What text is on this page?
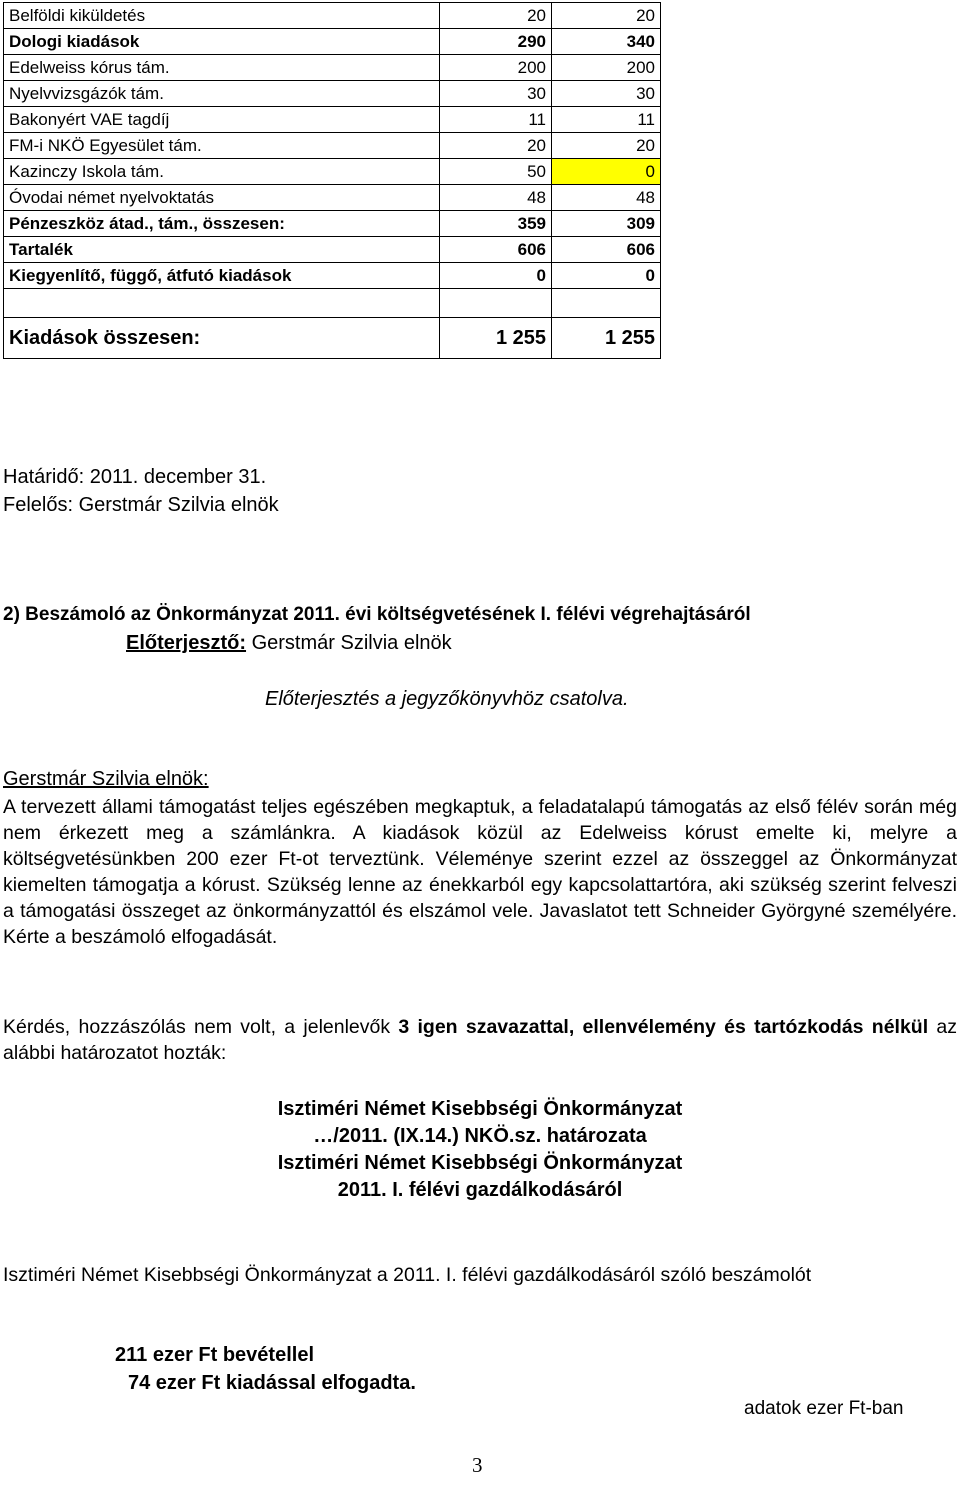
Belföldi kiküldetés	20	20
Dologi kiadások	290	340
Edelweiss kórus tám.	200	200
Nyelvvizsgázók tám.	30	30
Bakonyért VAE tagdíj	11	11
FM-i NKÖ Egyesület tám.	20	20
Kazinczy Iskola tám.	50	0
Óvodai német nyelvoktatás	48	48
Pénzeszköz átad., tám., összesen:	359	309
Tartalék	606	606
Kiegyenlítő, függő, átfutó kiadások	0	0

Kiadások összesen:	1 255	1 255
Határidő: 2011. december 31.
Felelős: Gerstmár Szilvia elnök
2) Beszámoló az Önkormányzat 2011. évi költségvetésének I. félévi végrehajtásáról
Előterjesztő: Gerstmár Szilvia elnök
Előterjesztés a jegyzőkönyvhöz csatolva.
Gerstmár Szilvia elnök:

A tervezett állami támogatást teljes egészében megkaptuk, a feladatalapú támogatás az első félév során még nem érkezett meg a számlánkra. A kiadások közül az Edelweiss kórust emelte ki, melyre a költségvetésünkben 200 ezer Ft-ot terveztünk. Véleménye szerint ezzel az összeggel az Önkormányzat kiemelten támogatja a kórust. Szükség lenne az énekkarból egy kapcsolattartóra, aki szükség szerint felveszi a támogatási összeget az önkormányzattól és elszámol vele. Javaslatot tett Schneider Györgyné személyére. Kérte a beszámoló elfogadását.

Kérdés, hozzászólás nem volt, a jelenlevők 3 igen szavazattal, ellenvélemény és tartózkodás nélkül az alábbi határozatot hozták:

Isztiméri Német Kisebbségi Önkormányzat
…/2011. (IX.14.) NKÖ.sz. határozata
Isztiméri Német Kisebbségi Önkormányzat
2011. I. félévi gazdálkodásáról

Isztiméri Német Kisebbségi Önkormányzat a 2011. I. félévi gazdálkodásáról szóló beszámolót

211 ezer Ft bevétellel
74 ezer Ft kiadással elfogadta.
adatok ezer Ft-ban
3
